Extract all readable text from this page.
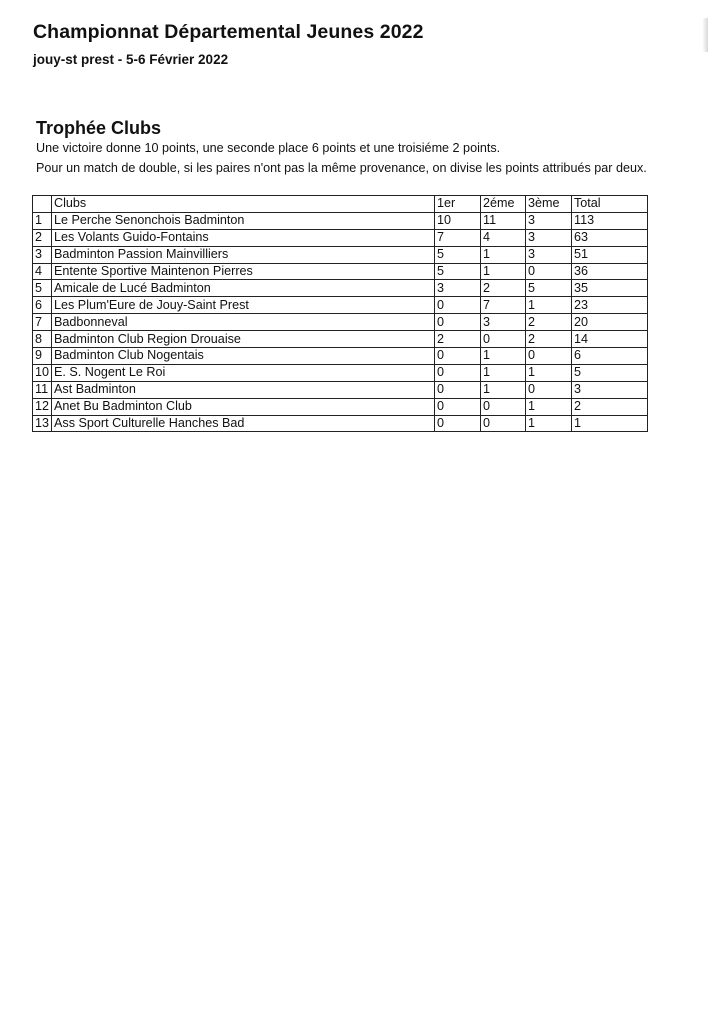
Championnat Départemental Jeunes 2022
jouy-st prest - 5-6 Février 2022
Trophée Clubs

Une victoire donne 10 points, une seconde place 6 points et une troisiéme 2 points.

Pour un match de double, si les paires n'ont pas la même provenance, on divise les points attribués par deux.

	Clubs	1er	2éme	3ème	Total
1	Le Perche Senonchois Badminton	10	11	3	113
2	Les Volants Guido-Fontains	7	4	3	63
3	Badminton Passion Mainvilliers	5	1	3	51
4	Entente Sportive Maintenon Pierres	5	1	0	36
5	Amicale de Lucé Badminton	3	2	5	35
6	Les Plum'Eure de Jouy-Saint Prest	0	7	1	23
7	Badbonneval	0	3	2	20
8	Badminton Club Region Drouaise	2	0	2	14
9	Badminton Club Nogentais	0	1	0	6
10	E. S. Nogent Le Roi	0	1	1	5
11	Ast Badminton	0	1	0	3
12	Anet Bu Badminton Club	0	0	1	2
13	Ass Sport Culturelle Hanches Bad	0	0	1	1
